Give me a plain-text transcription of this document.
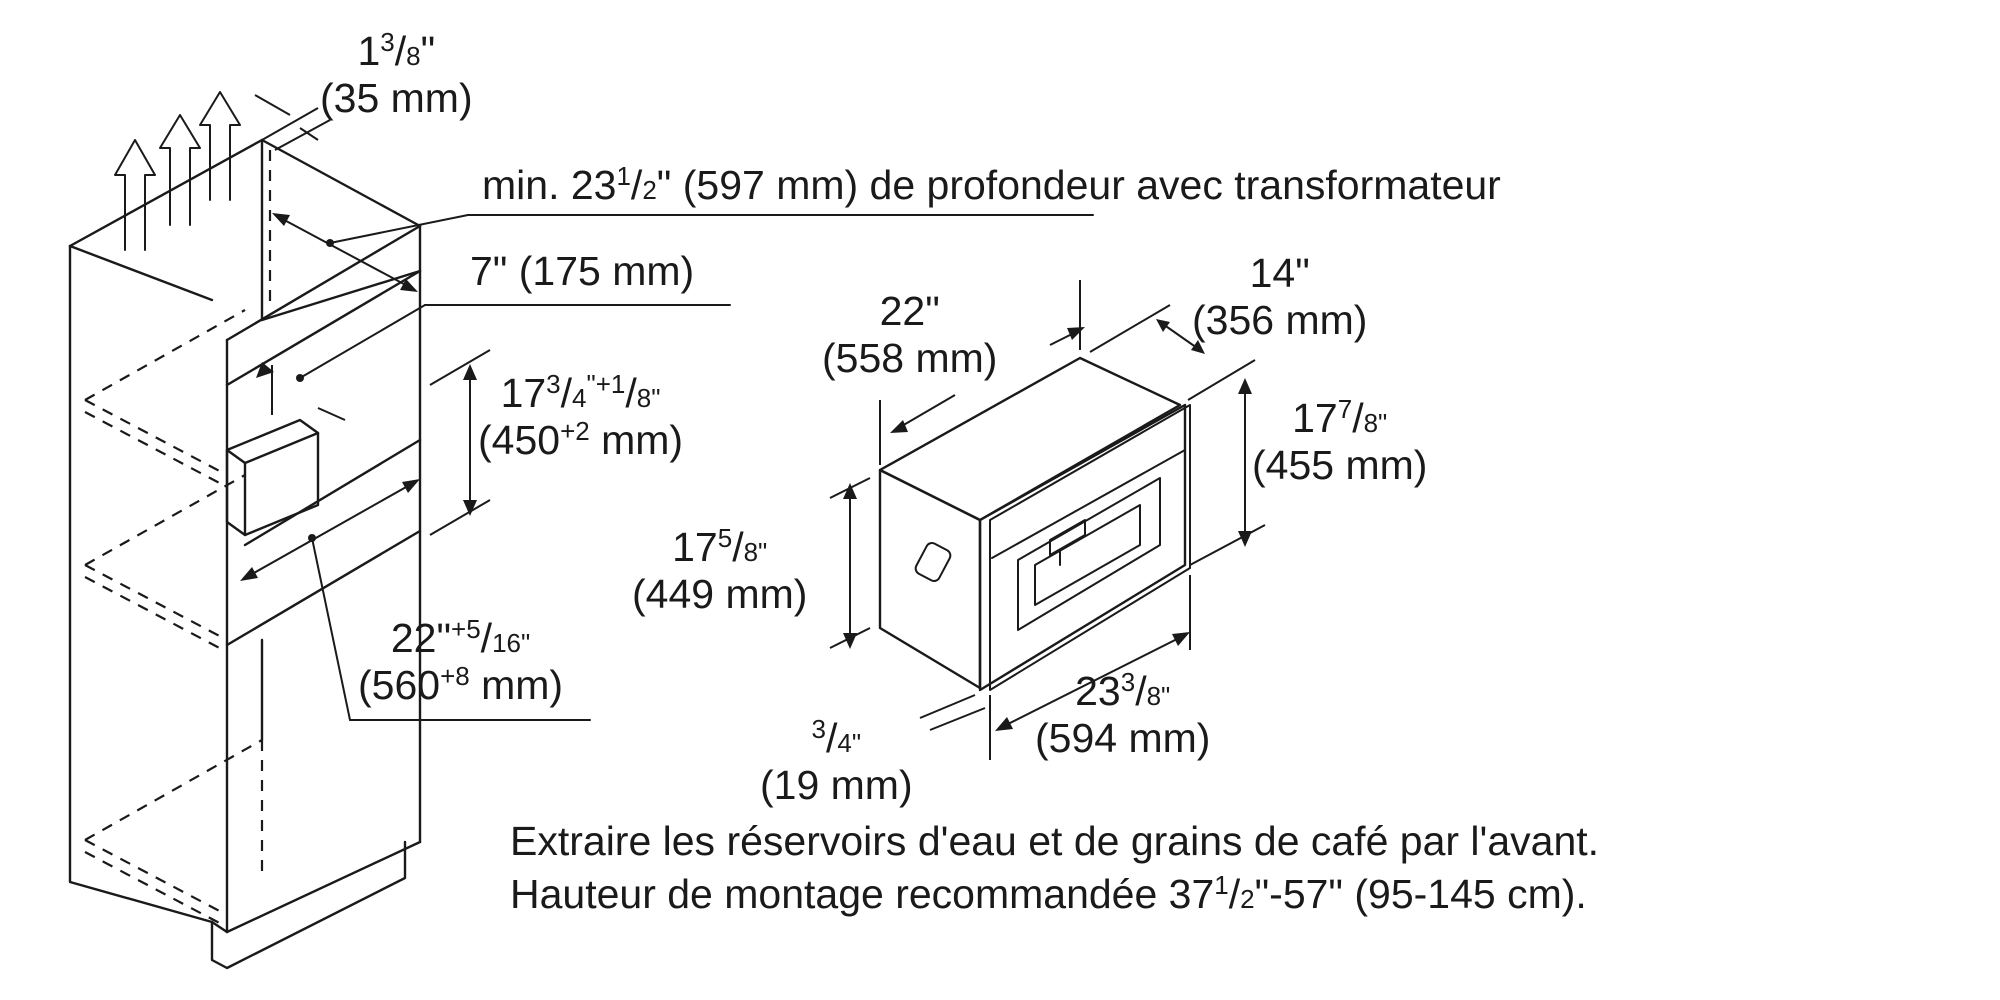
$1^3/8$"
(35 mm)
min. $23^1/2$" (597 mm) de profondeur avec transformateur
7" (175 mm)
$17^3/4^{"+1}/8$"
($450^{+2}$ mm)
22"$^{+5}$/16"
($560^{+8}$ mm)
22"
(558 mm)
14"
(356 mm)
$17^7/8$"
(455 mm)
$17^5/8$"
(449 mm)
$23^3/8$"
(594 mm)
$^3$/4"
(19 mm)
Extraire les réservoirs d'eau et de grains de café par l'avant.
Hauteur de montage recommandée $37^1/2"-57$" (95-145 cm).
